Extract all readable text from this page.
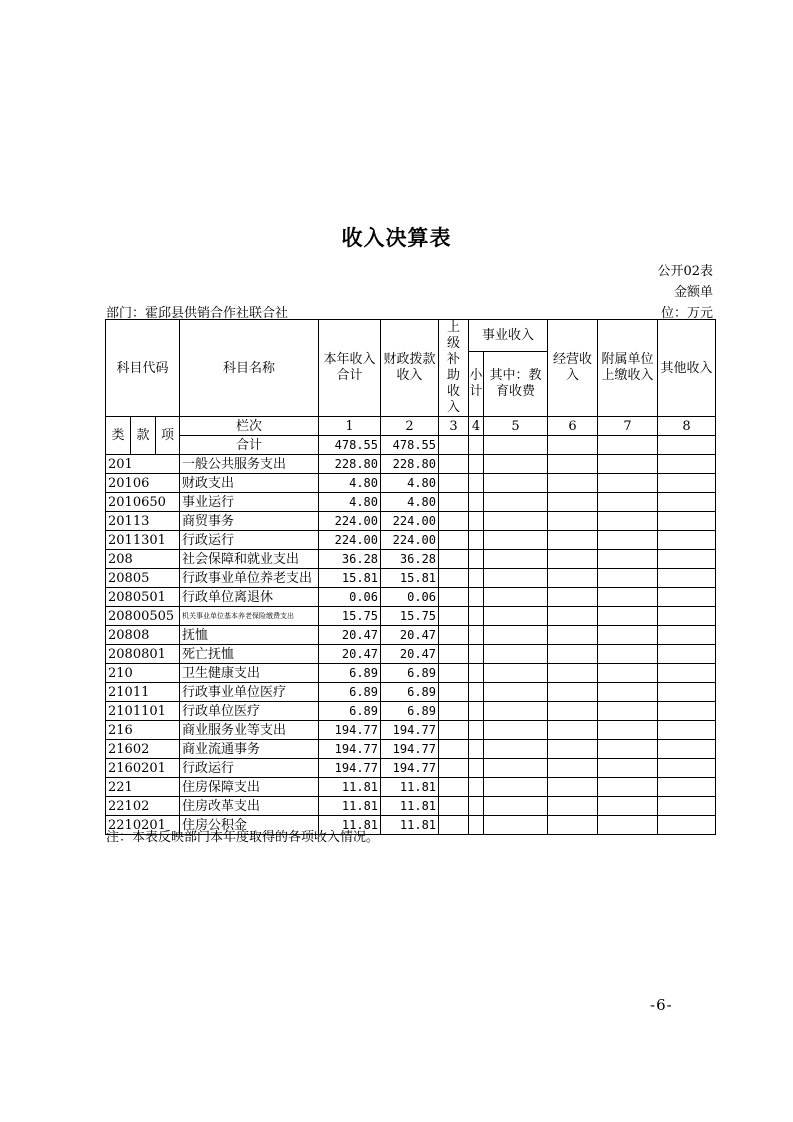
收入决算表
公开02表
金额单
位：万元
部门：霍邱县供销合作社联合社
科目代码			科目名称	本年收入合计	财政拨款收入	上级补助收入	事业收入		经营收入	附属单位上缴收入	其他收入
							小计	其中：教育收费			
类	款	项	栏次	1	2	3	4	5	6	7	8
			合计	478.55	478.55						
201			一般公共服务支出	228.80	228.80						
20106			财政支出	4.80	4.80						
2010650			事业运行	4.80	4.80						
20113			商贸事务	224.00	224.00						
2011301			行政运行	224.00	224.00						
208			社会保障和就业支出	36.28	36.28						
20805			行政事业单位养老支出	15.81	15.81						
2080501			行政单位离退休	0.06	0.06						
20800505			机关事业单位基本养老保险缴费支出	15.75	15.75						
20808			抚恤	20.47	20.47						
2080801			死亡抚恤	20.47	20.47						
210			卫生健康支出	6.89	6.89						
21011			行政事业单位医疗	6.89	6.89						
2101101			行政单位医疗	6.89	6.89						
216			商业服务业等支出	194.77	194.77						
21602			商业流通事务	194.77	194.77						
2160201			行政运行	194.77	194.77						
221			住房保障支出	11.81	11.81						
22102			住房改革支出	11.81	11.81						
2210201			住房公积金	11.81	11.81						
注：本表反映部门本年度取得的各项收入情况。
-6-
